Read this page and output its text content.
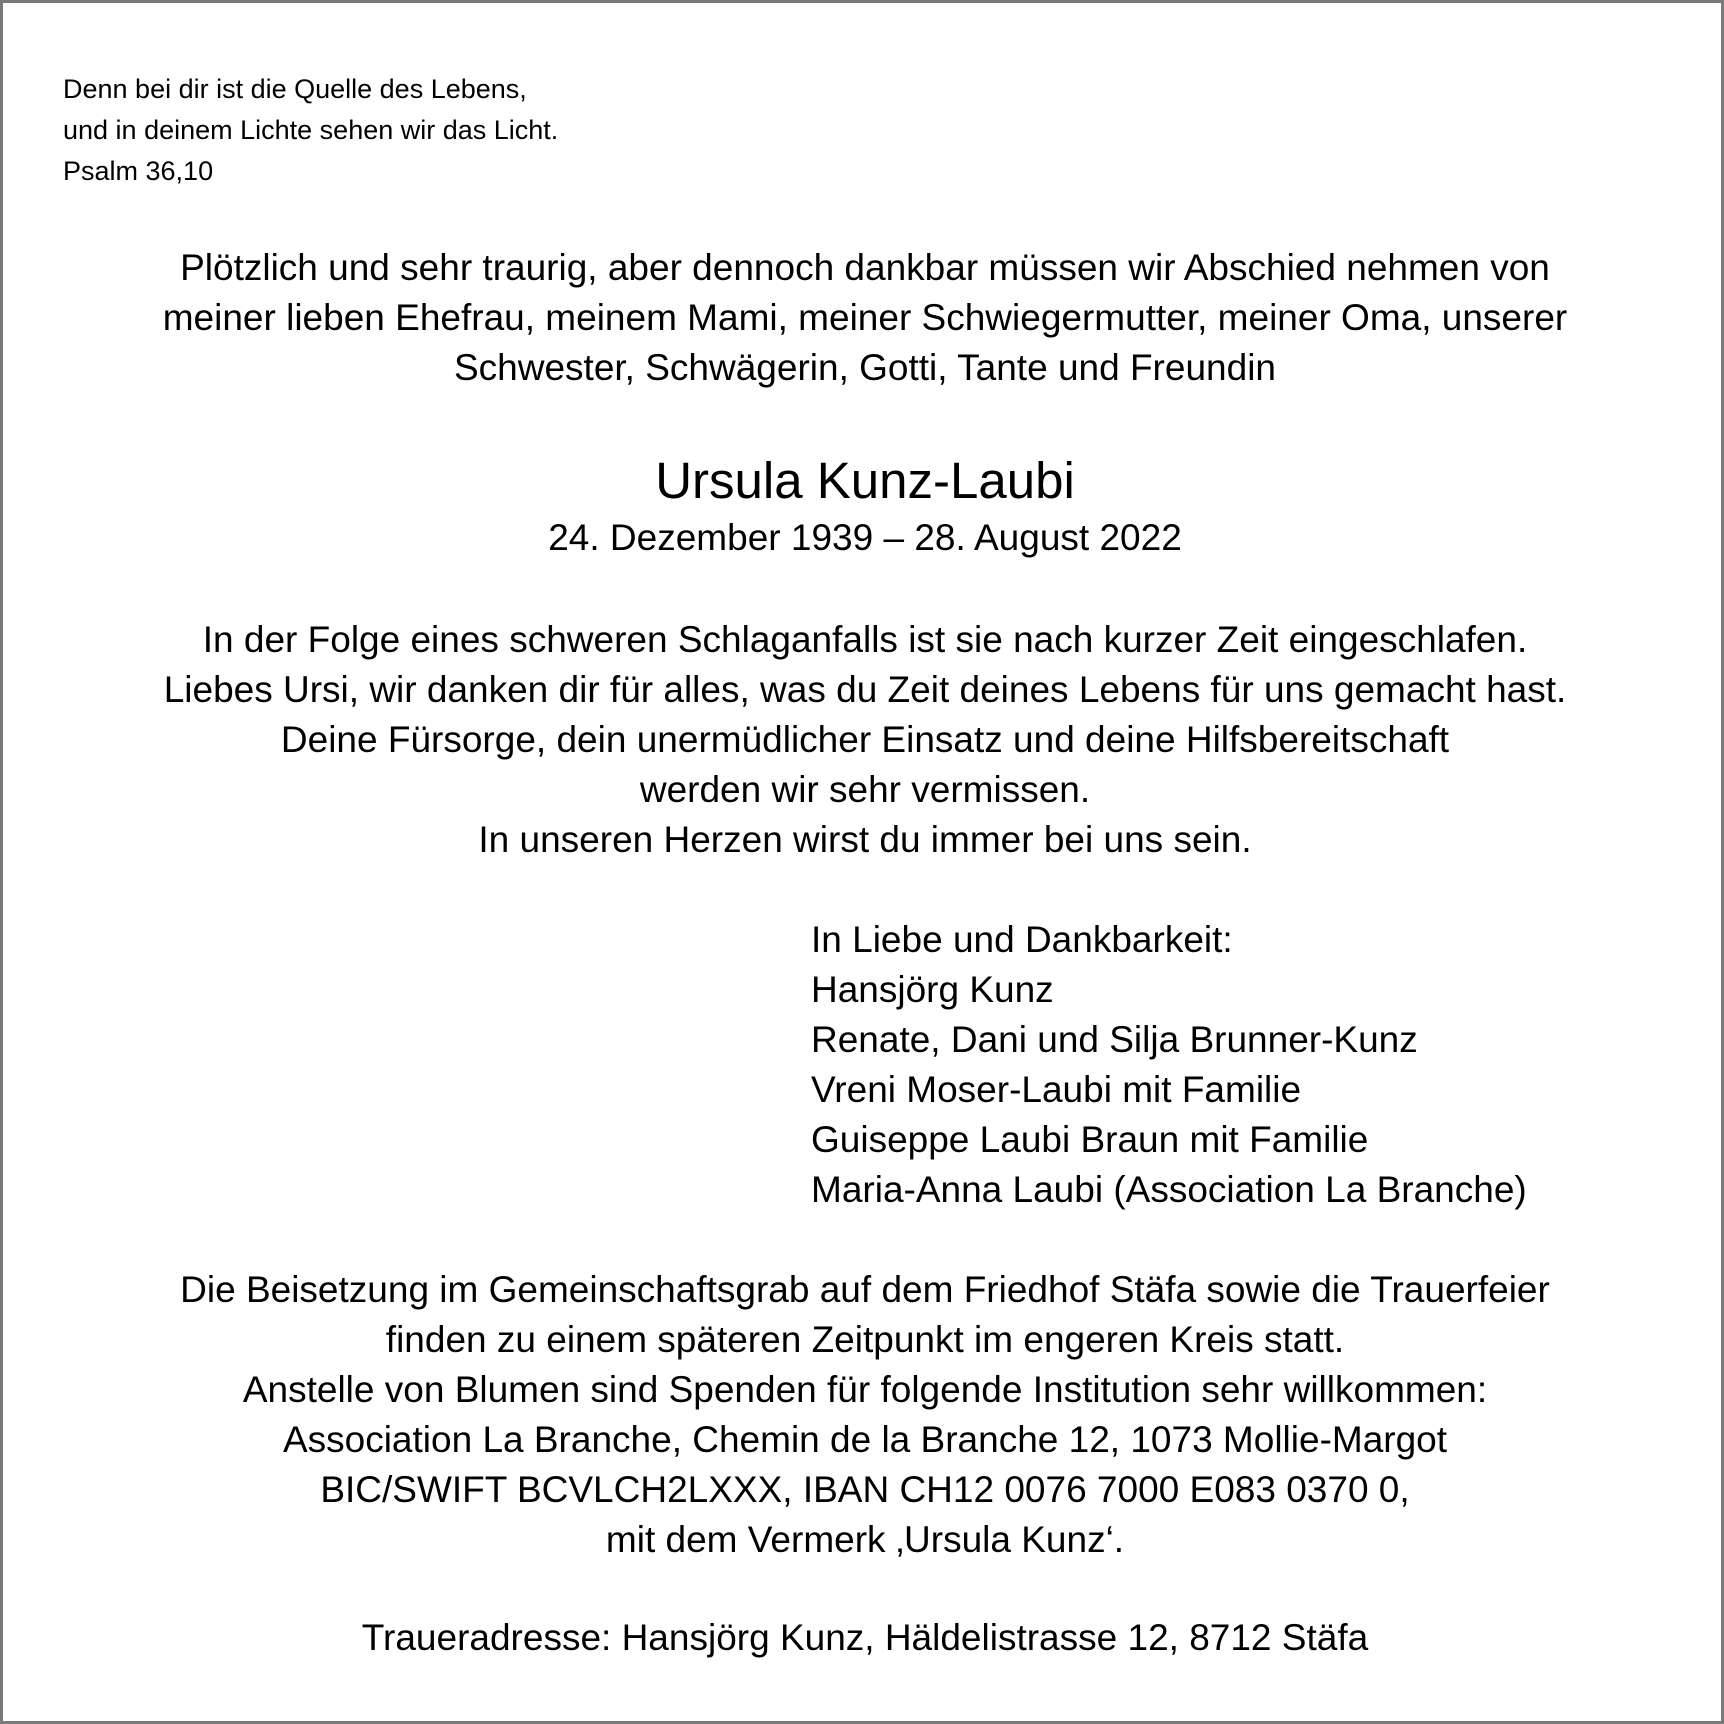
Denn bei dir ist die Quelle des Lebens,

und in deinem Lichte sehen wir das Licht.

Psalm 36,10

Plötzlich und sehr traurig, aber dennoch dankbar müssen wir Abschied nehmen von

meiner lieben Ehefrau, meinem Mami, meiner Schwiegermutter, meiner Oma, unserer

Schwester, Schwägerin, Gotti, Tante und Freundin

Ursula Kunz-Laubi

24. Dezember 1939 – 28. August 2022

In der Folge eines schweren Schlaganfalls ist sie nach kurzer Zeit eingeschlafen.

Liebes Ursi, wir danken dir für alles, was du Zeit deines Lebens für uns gemacht hast.

Deine Fürsorge, dein unermüdlicher Einsatz und deine Hilfsbereitschaft

werden wir sehr vermissen.

In unseren Herzen wirst du immer bei uns sein.

In Liebe und Dankbarkeit:

Hansjörg Kunz

Renate, Dani und Silja Brunner-Kunz

Vreni Moser-Laubi mit Familie

Guiseppe Laubi Braun mit Familie

Maria-Anna Laubi (Association La Branche)

Die Beisetzung im Gemeinschaftsgrab auf dem Friedhof Stäfa sowie die Trauerfeier

finden zu einem späteren Zeitpunkt im engeren Kreis statt.

Anstelle von Blumen sind Spenden für folgende Institution sehr willkommen:

Association La Branche, Chemin de la Branche 12, 1073 Mollie-Margot

BIC/SWIFT BCVLCH2LXXX, IBAN CH12 0076 7000 E083 0370 0,

mit dem Vermerk ‚Ursula Kunz‘.

Traueradresse: Hansjörg Kunz, Häldelistrasse 12, 8712 Stäfa
